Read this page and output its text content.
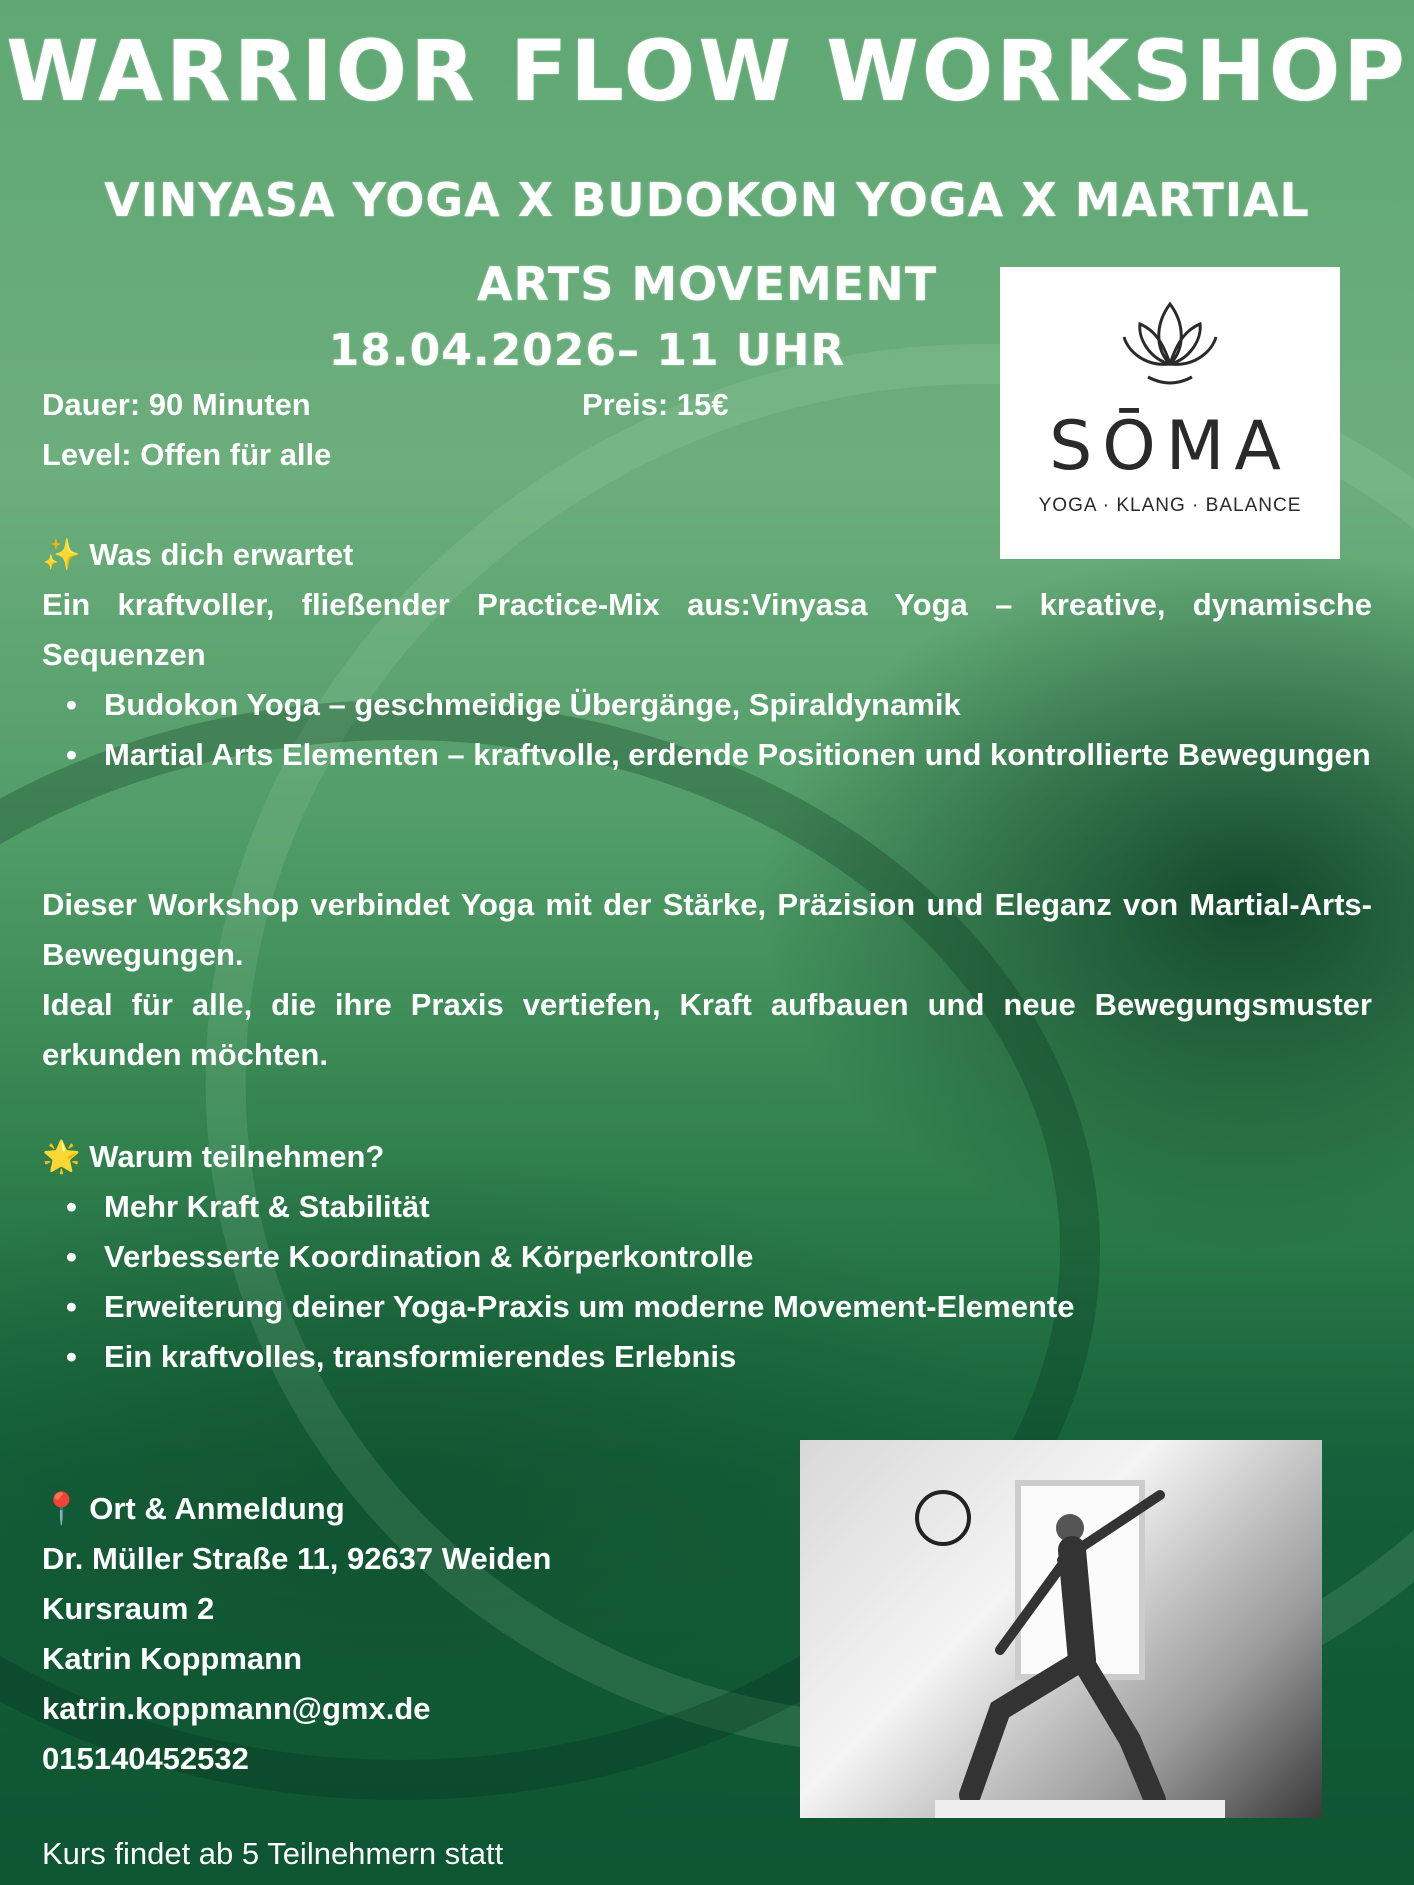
WARRIOR FLOW WORKSHOP
VINYASA YOGA X BUDOKON YOGA X MARTIAL ARTS MOVEMENT
18.04.2026– 11 UHR
Dauer: 90 Minuten	Preis: 15€
Level: Offen für alle	SŌMA
YOGA · KLANG · BALANCE
✨ Was dich erwartet
Ein kraftvoller, fließender Practice-Mix aus:Vinyasa Yoga – kreative, dynamische Sequenzen
• Budokon Yoga – geschmeidige Übergänge, Spiraldynamik
• Martial Arts Elementen – kraftvolle, erdende Positionen und kontrollierte Bewegungen
Dieser Workshop verbindet Yoga mit der Stärke, Präzision und Eleganz von Martial-Arts-Bewegungen.
Ideal für alle, die ihre Praxis vertiefen, Kraft aufbauen und neue Bewegungsmuster erkunden möchten.
🌟 Warum teilnehmen?
• Mehr Kraft & Stabilität
• Verbesserte Koordination & Körperkontrolle
• Erweiterung deiner Yoga-Praxis um moderne Movement-Elemente
• Ein kraftvolles, transformierendes Erlebnis
📍 Ort & Anmeldung
Dr. Müller Straße 11, 92637 Weiden
Kursraum 2
Katrin Koppmann
katrin.koppmann@gmx.de
015140452532
Kurs findet ab 5 Teilnehmern statt
